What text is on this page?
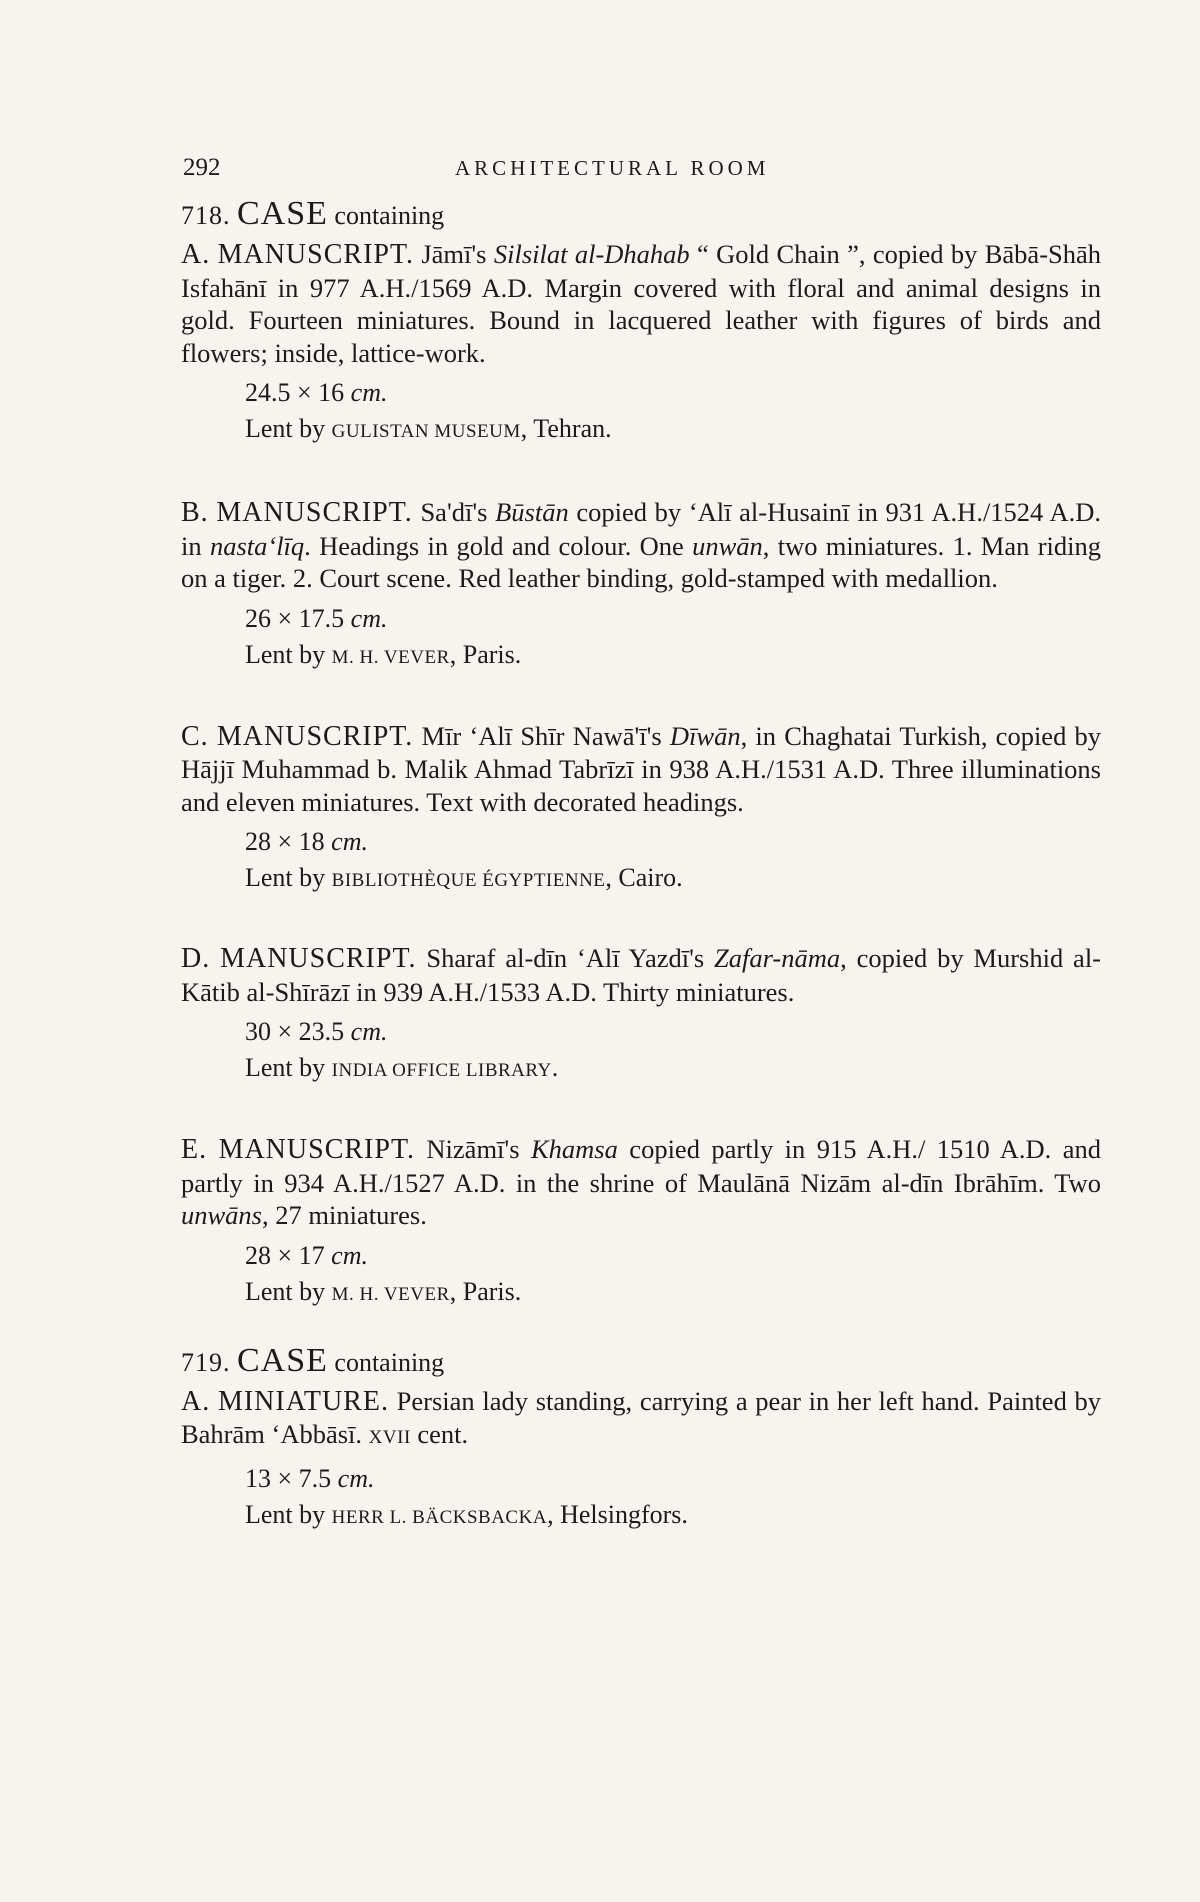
292	ARCHITECTURAL ROOM

718. CASE containing

A. MANUSCRIPT. Jāmī's Silsilat al-Dhahab “ Gold Chain ”, copied by Bābā-Shāh Isfahānī in 977 A.H./1569 A.D. Margin covered with floral and animal designs in gold. Fourteen miniatures. Bound in lacquered leather with figures of birds and flowers; inside, lattice-work.

24.5 × 16 cm.

Lent by GULISTAN MUSEUM, Tehran.

B. MANUSCRIPT. Sa'dī's Būstān copied by ‘Alī al-Husainī in 931 A.H./1524 A.D. in nasta‘līq. Headings in gold and colour. One unwān, two miniatures. 1. Man riding on a tiger. 2. Court scene. Red leather binding, gold-stamped with medallion.

26 × 17.5 cm.

Lent by M. H. VEVER, Paris.

C. MANUSCRIPT. Mīr ‘Alī Shīr Nawā'ī's Dīwān, in Chaghatai Turkish, copied by Hājjī Muhammad b. Malik Ahmad Tabrīzī in 938 A.H./1531 A.D. Three illuminations and eleven miniatures. Text with decorated headings.

28 × 18 cm.

Lent by BIBLIOTHÈQUE ÉGYPTIENNE, Cairo.

D. MANUSCRIPT. Sharaf al-dīn ‘Alī Yazdī's Zafar-nāma, copied by Murshid al-Kātib al-Shīrāzī in 939 A.H./1533 A.D. Thirty miniatures.

30 × 23.5 cm.

Lent by INDIA OFFICE LIBRARY.

E. MANUSCRIPT. Nizāmī's Khamsa copied partly in 915 A.H./ 1510 A.D. and partly in 934 A.H./1527 A.D. in the shrine of Maulānā Nizām al-dīn Ibrāhīm. Two unwāns, 27 miniatures.

28 × 17 cm.

Lent by M. H. VEVER, Paris.

719. CASE containing

A. MINIATURE. Persian lady standing, carrying a pear in her left hand. Painted by Bahrām ‘Abbāsī. XVII cent.

13 × 7.5 cm.

Lent by HERR L. BÄCKSBACKA, Helsingfors.
